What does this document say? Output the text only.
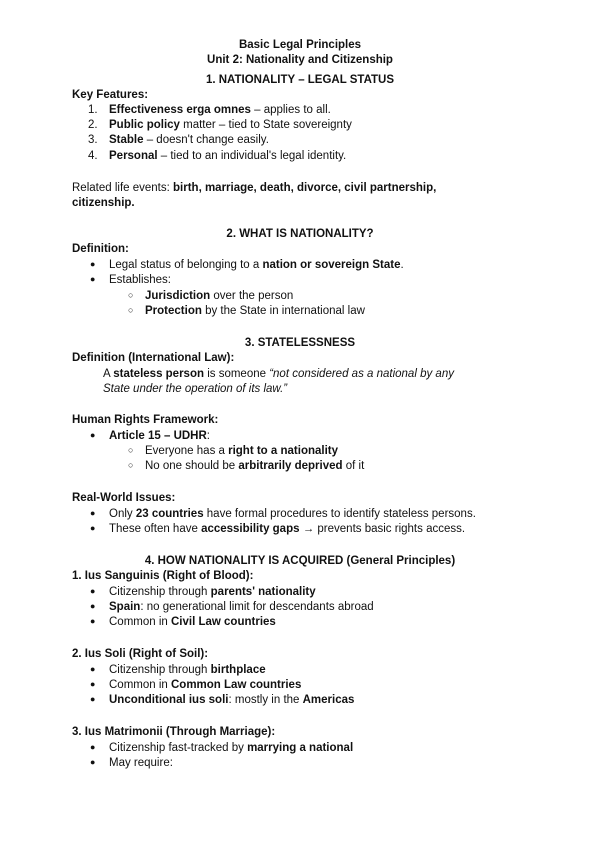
Basic Legal Principles
Unit 2: Nationality and Citizenship
1. NATIONALITY – LEGAL STATUS
Key Features:
1. Effectiveness erga omnes – applies to all.
2. Public policy matter – tied to State sovereignty
3. Stable – doesn't change easily.
4. Personal – tied to an individual's legal identity.
Related life events: birth, marriage, death, divorce, civil partnership,
citizenship.
2. WHAT IS NATIONALITY?
Definition:
● Legal status of belonging to a nation or sovereign State.
● Establishes:
○ Jurisdiction over the person
○ Protection by the State in international law
3. STATELESSNESS
Definition (International Law):
A stateless person is someone “not considered as a national by any
State under the operation of its law.”
Human Rights Framework:
● Article 15 – UDHR:
○ Everyone has a right to a nationality
○ No one should be arbitrarily deprived of it
Real-World Issues:
● Only 23 countries have formal procedures to identify stateless persons.
● These often have accessibility gaps → prevents basic rights access.
4. HOW NATIONALITY IS ACQUIRED (General Principles)
1. Ius Sanguinis (Right of Blood):
● Citizenship through parents' nationality
● Spain: no generational limit for descendants abroad
● Common in Civil Law countries
2. Ius Soli (Right of Soil):
● Citizenship through birthplace
● Common in Common Law countries
● Unconditional ius soli: mostly in the Americas
3. Ius Matrimonii (Through Marriage):
● Citizenship fast-tracked by marrying a national
● May require:
